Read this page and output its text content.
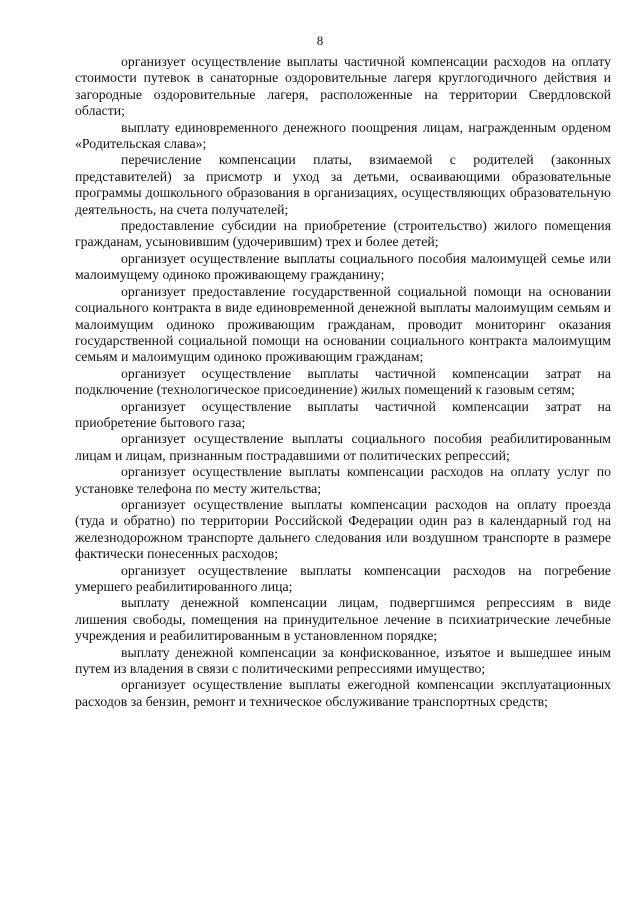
8

организует осуществление выплаты частичной компенсации расходов на оплату стоимости путевок в санаторные оздоровительные лагеря круглогодичного действия и загородные оздоровительные лагеря, расположенные на территории Свердловской области;

выплату единовременного денежного поощрения лицам, награжденным орденом «Родительская слава»;

перечисление компенсации платы, взимаемой с родителей (законных представителей) за присмотр и уход за детьми, осваивающими образовательные программы дошкольного образования в организациях, осуществляющих образовательную деятельность, на счета получателей;

предоставление субсидии на приобретение (строительство) жилого помещения гражданам, усыновившим (удочерившим) трех и более детей;

организует осуществление выплаты социального пособия малоимущей семье или малоимущему одиноко проживающему гражданину;

организует предоставление государственной социальной помощи на основании социального контракта в виде единовременной денежной выплаты малоимущим семьям и малоимущим одиноко проживающим гражданам, проводит мониторинг оказания государственной социальной помощи на основании социального контракта малоимущим семьям и малоимущим одиноко проживающим гражданам;

организует осуществление выплаты частичной компенсации затрат на подключение (технологическое присоединение) жилых помещений к газовым сетям;

организует осуществление выплаты частичной компенсации затрат на приобретение бытового газа;

организует осуществление выплаты социального пособия реабилитированным лицам и лицам, признанным пострадавшими от политических репрессий;

организует осуществление выплаты компенсации расходов на оплату услуг по установке телефона по месту жительства;

организует осуществление выплаты компенсации расходов на оплату проезда (туда и обратно) по территории Российской Федерации один раз в календарный год на железнодорожном транспорте дальнего следования или воздушном транспорте в размере фактически понесенных расходов;

организует осуществление выплаты компенсации расходов на погребение умершего реабилитированного лица;

выплату денежной компенсации лицам, подвергшимся репрессиям в виде лишения свободы, помещения на принудительное лечение в психиатрические лечебные учреждения и реабилитированным в установленном порядке;

выплату денежной компенсации за конфискованное, изъятое и вышедшее иным путем из владения в связи с политическими репрессиями имущество;

организует осуществление выплаты ежегодной компенсации эксплуатационных расходов за бензин, ремонт и техническое обслуживание транспортных средств;
